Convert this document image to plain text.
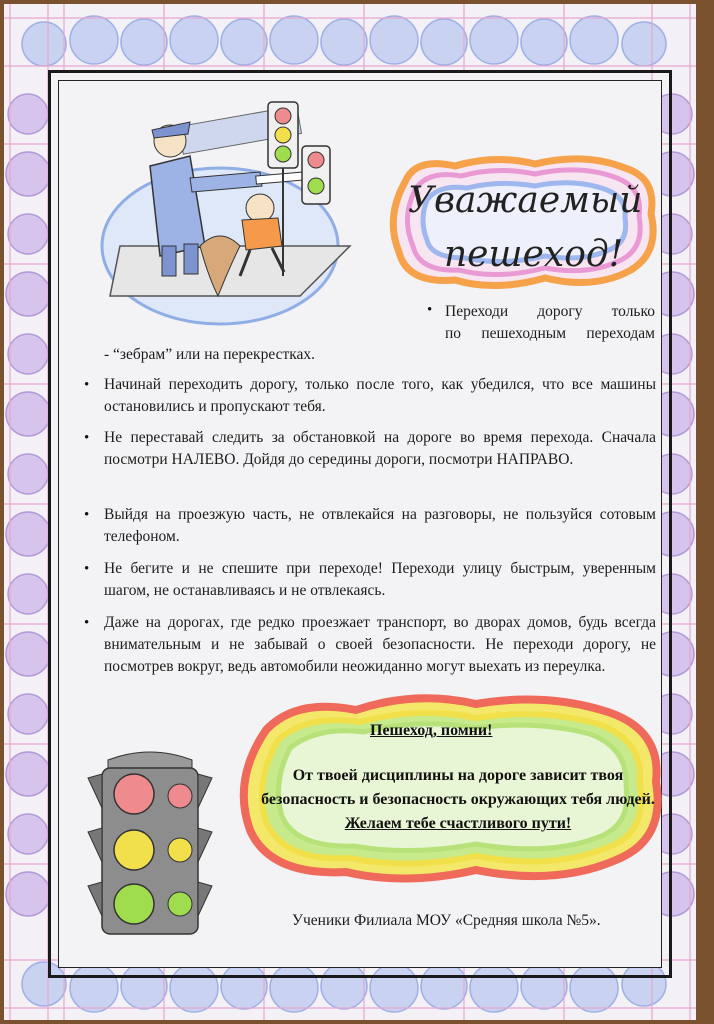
Уважаемый
пешеход!
• Переходи дорогу только
по пешеходным переходам
- “зебрам” или на перекрестках.
• Начинай переходить дорогу, только после того, как убедился, что все машины остановились и пропускают тебя.
• Не переставай следить за обстановкой на дороге во время перехода. Сначала посмотри НАЛЕВО. Дойдя до середины дороги, посмотри НАПРАВО.
• Выйдя на проезжую часть, не отвлекайся на разговоры, не пользуйся сотовым телефоном.
• Не бегите и не спешите при переходе! Переходи улицу быстрым, уверенным шагом, не останавливаясь и не отвлекаясь.
• Даже на дорогах, где редко проезжает транспорт, во дворах домов, будь всегда внимательным и не забывай о своей безопасности. Не переходи дорогу, не посмотрев вокруг, ведь автомобили неожиданно могут выехать из переулка.
Пешеход, помни!
От твоей дисциплины на дороге зависит твоя безопасность и безопасность окружающих тебя людей. Желаем тебе счастливого пути!
Ученики Филиала МОУ «Средняя школа №5».
